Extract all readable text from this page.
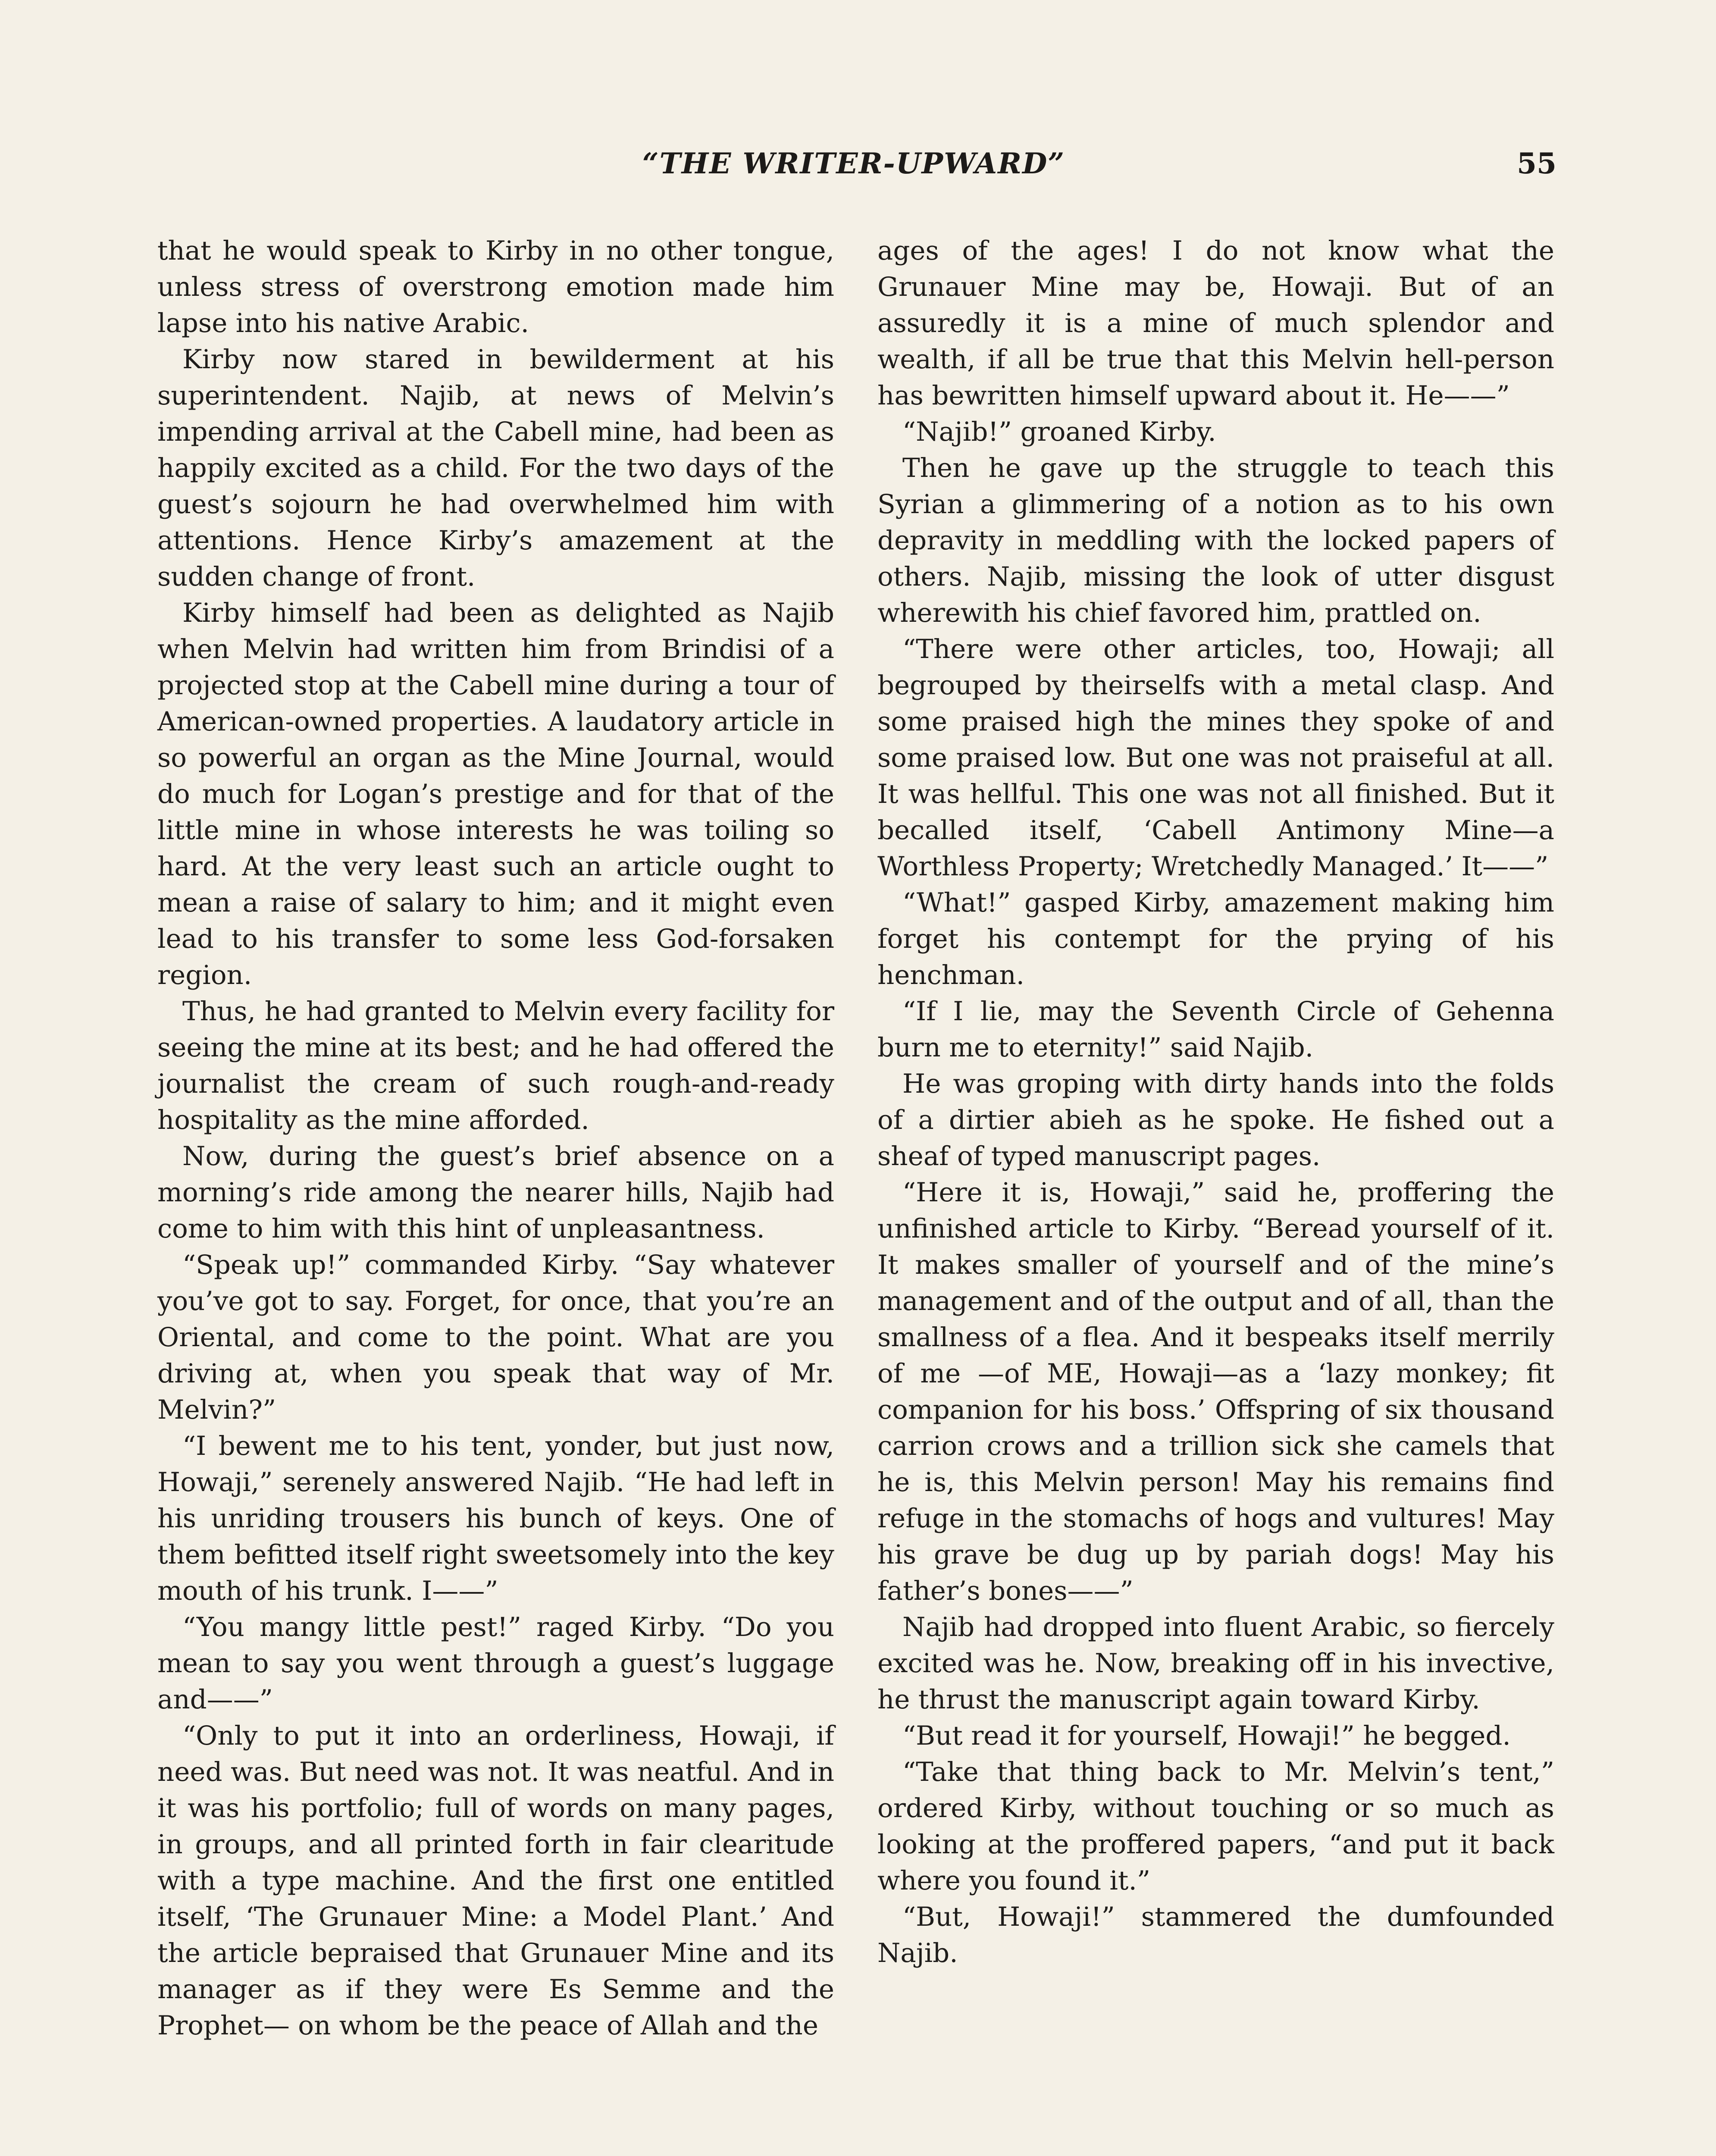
“THE WRITER-UPWARD”	55

that he would speak to Kirby in no other tongue, unless stress of overstrong emotion made him lapse into his native Arabic.

Kirby now stared in bewilderment at his superintendent. Najib, at news of Melvin’s impending arrival at the Cabell mine, had been as happily excited as a child. For the two days of the guest’s sojourn he had overwhelmed him with attentions. Hence Kirby’s amazement at the sudden change of front.

Kirby himself had been as delighted as Najib when Melvin had written him from Brindisi of a projected stop at the Cabell mine during a tour of American-owned properties. A laudatory article in so powerful an organ as the Mine Journal, would do much for Logan’s prestige and for that of the little mine in whose interests he was toiling so hard. At the very least such an article ought to mean a raise of salary to him; and it might even lead to his transfer to some less God-forsaken region.

Thus, he had granted to Melvin every facility for seeing the mine at its best; and he had offered the journalist the cream of such rough-and-ready hospitality as the mine afforded.

Now, during the guest’s brief absence on a morning’s ride among the nearer hills, Najib had come to him with this hint of unpleasantness.

“Speak up!” commanded Kirby. “Say whatever you’ve got to say. Forget, for once, that you’re an Oriental, and come to the point. What are you driving at, when you speak that way of Mr. Melvin?”

“I bewent me to his tent, yonder, but just now, Howaji,” serenely answered Najib. “He had left in his unriding trousers his bunch of keys. One of them befitted itself right sweetsomely into the key mouth of his trunk. I——”

“You mangy little pest!” raged Kirby. “Do you mean to say you went through a guest’s luggage and——”

“Only to put it into an orderliness, Howaji, if need was. But need was not. It was neatful. And in it was his portfolio; full of words on many pages, in groups, and all printed forth in fair clearitude with a type machine. And the first one entitled itself, ‘The Grunauer Mine: a Model Plant.’ And the article bepraised that Grunauer Mine and its manager as if they were Es Semme and the Prophet— on whom be the peace of Allah and the

ages of the ages! I do not know what the Grunauer Mine may be, Howaji. But of an assuredly it is a mine of much splendor and wealth, if all be true that this Melvin hell-person has bewritten himself upward about it. He——”

“Najib!” groaned Kirby.

Then he gave up the struggle to teach this Syrian a glimmering of a notion as to his own depravity in meddling with the locked papers of others. Najib, missing the look of utter disgust wherewith his chief favored him, prattled on.

“There were other articles, too, Howaji; all begrouped by theirselfs with a metal clasp. And some praised high the mines they spoke of and some praised low. But one was not praiseful at all. It was hellful. This one was not all finished. But it becalled itself, ‘Cabell Antimony Mine—a Worthless Property; Wretchedly Managed.’ It——”

“What!” gasped Kirby, amazement making him forget his contempt for the prying of his henchman.

“If I lie, may the Seventh Circle of Gehenna burn me to eternity!” said Najib.

He was groping with dirty hands into the folds of a dirtier abieh as he spoke. He fished out a sheaf of typed manuscript pages.

“Here it is, Howaji,” said he, proffering the unfinished article to Kirby. “Beread yourself of it. It makes smaller of yourself and of the mine’s management and of the output and of all, than the smallness of a flea. And it bespeaks itself merrily of me —of ME, Howaji—as a ‘lazy monkey; fit companion for his boss.’ Offspring of six thousand carrion crows and a trillion sick she camels that he is, this Melvin person! May his remains find refuge in the stomachs of hogs and vultures! May his grave be dug up by pariah dogs! May his father’s bones——”

Najib had dropped into fluent Arabic, so fiercely excited was he. Now, breaking off in his invective, he thrust the manuscript again toward Kirby.

“But read it for yourself, Howaji!” he begged.

“Take that thing back to Mr. Melvin’s tent,” ordered Kirby, without touching or so much as looking at the proffered papers, “and put it back where you found it.”

“But, Howaji!” stammered the dumfounded Najib.
